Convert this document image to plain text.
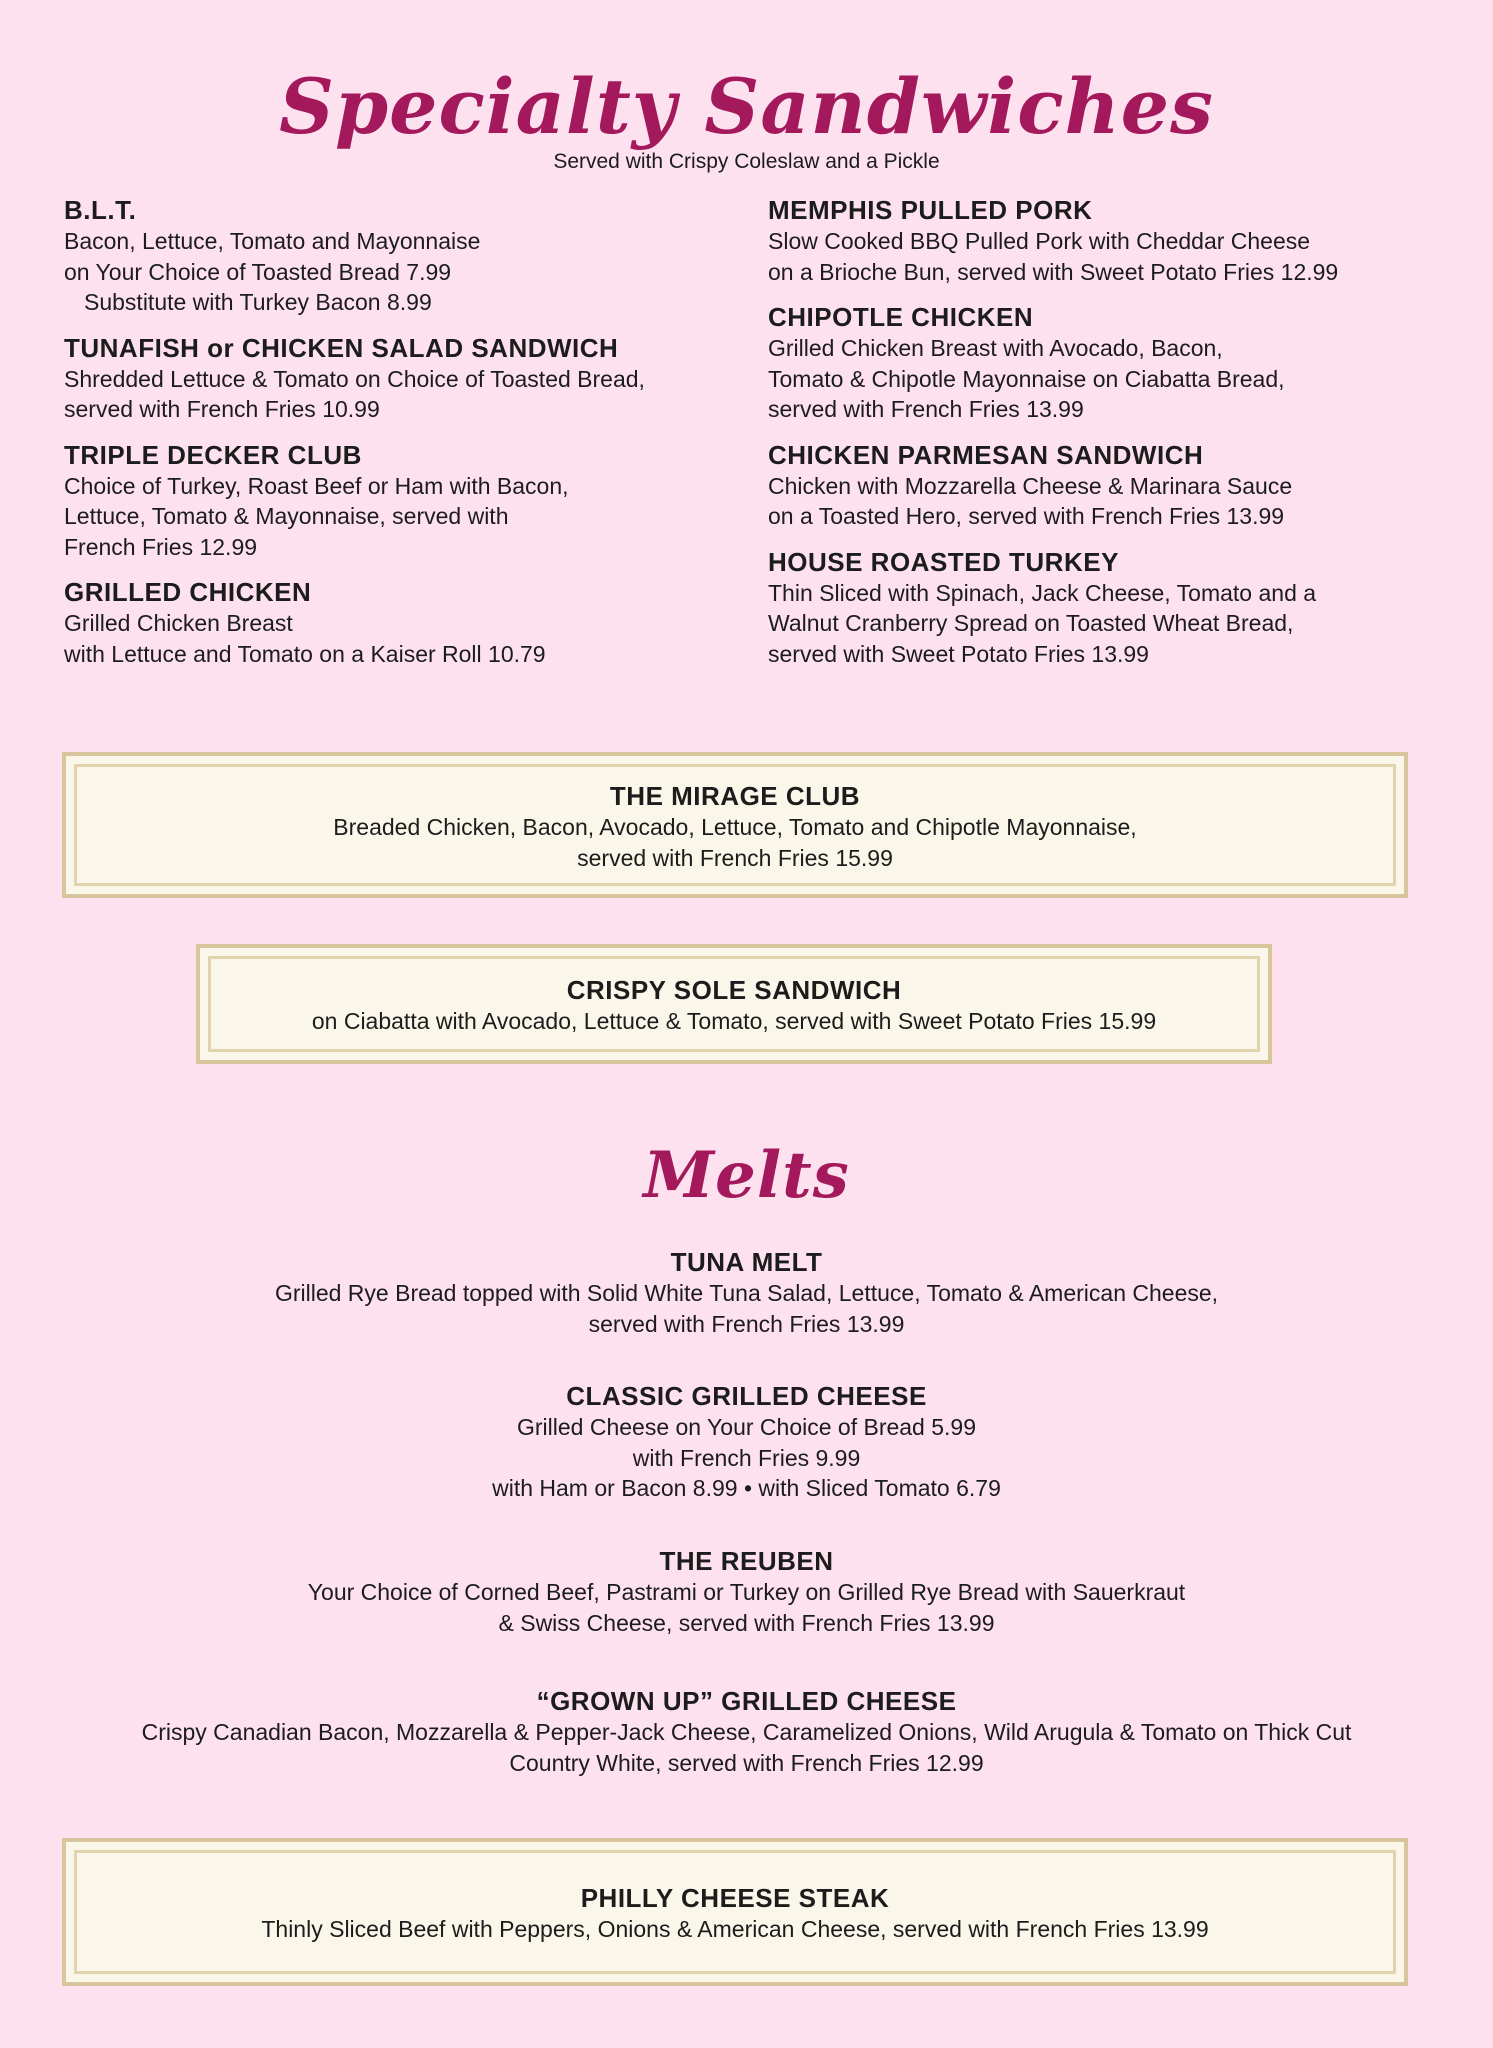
Specialty Sandwiches
Served with Crispy Coleslaw and a Pickle
B.L.T.
Bacon, Lettuce, Tomato and Mayonnaise
on Your Choice of Toasted Bread 7.99
Substitute with Turkey Bacon 8.99
TUNAFISH or CHICKEN SALAD SANDWICH
Shredded Lettuce & Tomato on Choice of Toasted Bread,
served with French Fries 10.99
TRIPLE DECKER CLUB
Choice of Turkey, Roast Beef or Ham with Bacon,
Lettuce, Tomato & Mayonnaise, served with
French Fries 12.99
GRILLED CHICKEN
Grilled Chicken Breast
with Lettuce and Tomato on a Kaiser Roll 10.79
MEMPHIS PULLED PORK
Slow Cooked BBQ Pulled Pork with Cheddar Cheese
on a Brioche Bun, served with Sweet Potato Fries 12.99
CHIPOTLE CHICKEN
Grilled Chicken Breast with Avocado, Bacon,
Tomato & Chipotle Mayonnaise on Ciabatta Bread,
served with French Fries 13.99
CHICKEN PARMESAN SANDWICH
Chicken with Mozzarella Cheese & Marinara Sauce
on a Toasted Hero, served with French Fries 13.99
HOUSE ROASTED TURKEY
Thin Sliced with Spinach, Jack Cheese, Tomato and a
Walnut Cranberry Spread on Toasted Wheat Bread,
served with Sweet Potato Fries 13.99
THE MIRAGE CLUB
Breaded Chicken, Bacon, Avocado, Lettuce, Tomato and Chipotle Mayonnaise,
served with French Fries 15.99
CRISPY SOLE SANDWICH
on Ciabatta with Avocado, Lettuce & Tomato, served with Sweet Potato Fries 15.99
Melts
TUNA MELT
Grilled Rye Bread topped with Solid White Tuna Salad, Lettuce, Tomato & American Cheese,
served with French Fries 13.99
CLASSIC GRILLED CHEESE
Grilled Cheese on Your Choice of Bread 5.99
with French Fries 9.99
with Ham or Bacon 8.99 • with Sliced Tomato 6.79
THE REUBEN
Your Choice of Corned Beef, Pastrami or Turkey on Grilled Rye Bread with Sauerkraut
& Swiss Cheese, served with French Fries 13.99
“GROWN UP” GRILLED CHEESE
Crispy Canadian Bacon, Mozzarella & Pepper-Jack Cheese, Caramelized Onions, Wild Arugula & Tomato on Thick Cut
Country White, served with French Fries 12.99
PHILLY CHEESE STEAK
Thinly Sliced Beef with Peppers, Onions & American Cheese, served with French Fries 13.99
